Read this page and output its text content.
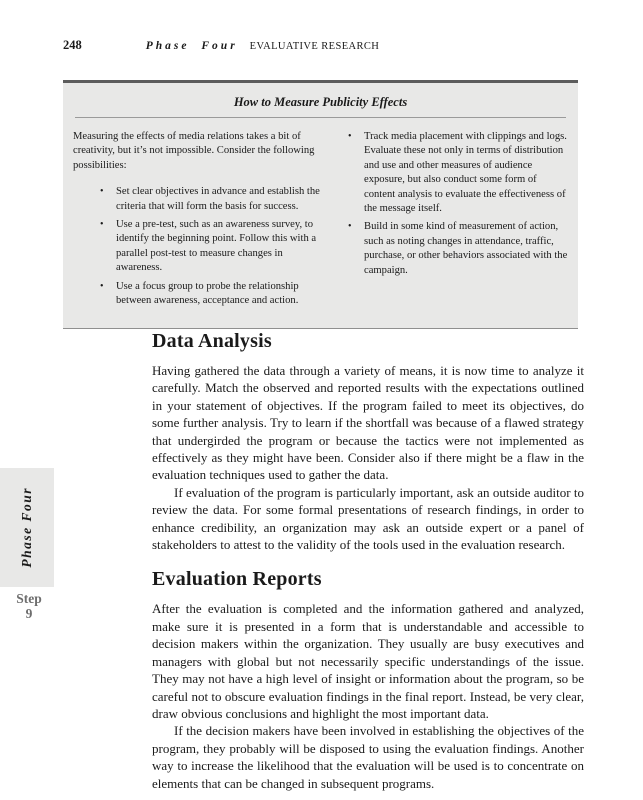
248	Phase Four EVALUATIVE RESEARCH
How to Measure Publicity Effects

Measuring the effects of media relations takes a bit of creativity, but it’s not impossible. Consider the following possibilities:

• Set clear objectives in advance and establish the criteria that will form the basis for success.
• Use a pre-test, such as an awareness survey, to identify the beginning point. Follow this with a parallel post-test to measure changes in awareness.
• Use a focus group to probe the relationship between awareness, acceptance and action.
• Track media placement with clippings and logs. Evaluate these not only in terms of distribution and use and other measures of audience exposure, but also conduct some form of content analysis to evaluate the effectiveness of the message itself.
• Build in some kind of measurement of action, such as noting changes in attendance, traffic, purchase, or other behaviors associated with the campaign.
Data Analysis

Having gathered the data through a variety of means, it is now time to analyze it carefully. Match the observed and reported results with the expectations outlined in your statement of objectives. If the program failed to meet its objectives, do some further analysis. Try to learn if the shortfall was because of a flawed strategy that undergirded the program or because the tactics were not implemented as effectively as they might have been. Consider also if there might be a flaw in the evaluation techniques used to gather the data.

If evaluation of the program is particularly important, ask an outside auditor to review the data. For some formal presentations of research findings, in order to enhance credibility, an organization may ask an outside expert or a panel of stakeholders to attest to the validity of the tools used in the evaluation research.

Evaluation Reports

After the evaluation is completed and the information gathered and analyzed, make sure it is presented in a form that is understandable and accessible to decision makers within the organization. They usually are busy executives and managers with global but not necessarily specific understandings of the issue. They may not have a high level of insight or information about the program, so be careful not to obscure evaluation findings in the final report. Instead, be very clear, draw obvious conclusions and highlight the most important data.

If the decision makers have been involved in establishing the objectives of the program, they probably will be disposed to using the evaluation findings. Another way to increase the likelihood that the evaluation will be used is to concentrate on elements that can be changed in subsequent programs.

Phase Four
Step
9
